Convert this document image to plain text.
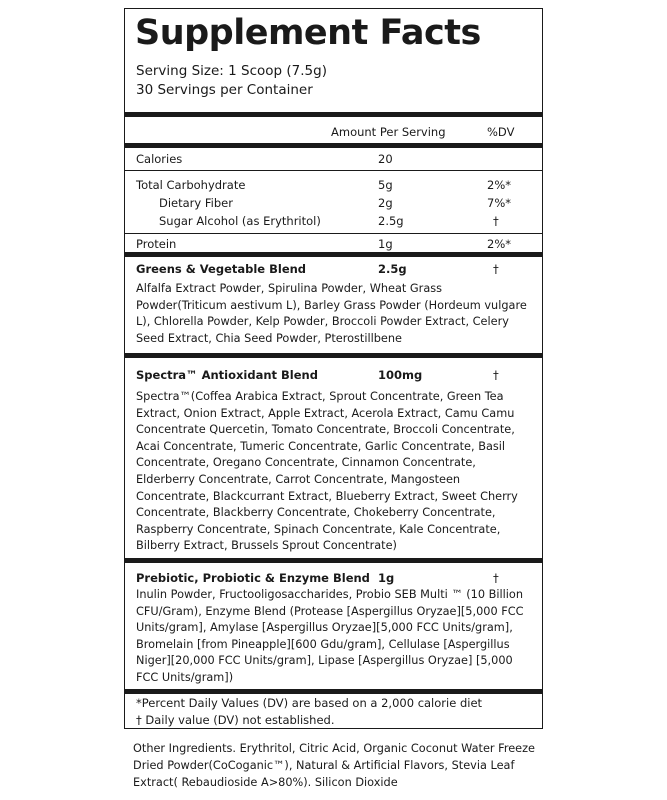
Supplement Facts
Serving Size: 1 Scoop (7.5g)
30 Servings per Container
Amount Per Serving	%DV
Calories	20
Total Carbohydrate	5g	2%*
Dietary Fiber	2g	7%*
Sugar Alcohol (as Erythritol)	2.5g	†
Protein	1g	2%*
Greens & Vegetable Blend	2.5g	†
Alfalfa Extract Powder, Spirulina Powder, Wheat Grass Powder(Triticum aestivum L), Barley Grass Powder (Hordeum vulgare L), Chlorella Powder, Kelp Powder, Broccoli Powder Extract, Celery Seed Extract, Chia Seed Powder, Pterostillbene
Spectra™ Antioxidant Blend	100mg	†
Spectra™(Coffea Arabica Extract, Sprout Concentrate, Green Tea Extract, Onion Extract, Apple Extract, Acerola Extract, Camu Camu Concentrate Quercetin, Tomato Concentrate, Broccoli Concentrate, Acai Concentrate, Tumeric Concentrate, Garlic Concentrate, Basil Concentrate, Oregano Concentrate, Cinnamon Concentrate, Elderberry Concentrate, Carrot Concentrate, Mangosteen Concentrate, Blackcurrant Extract, Blueberry Extract, Sweet Cherry Concentrate, Blackberry Concentrate, Chokeberry Concentrate, Raspberry Concentrate, Spinach Concentrate, Kale Concentrate, Bilberry Extract, Brussels Sprout Concentrate)
Prebiotic, Probiotic & Enzyme Blend 1g	†
Inulin Powder, Fructooligosaccharides, Probio SEB Multi ™ (10 Billion CFU/Gram), Enzyme Blend (Protease [Aspergillus Oryzae][5,000 FCC Units/gram], Amylase [Aspergillus Oryzae][5,000 FCC Units/gram], Bromelain [from Pineapple][600 Gdu/gram], Cellulase [Aspergillus Niger][20,000 FCC Units/gram], Lipase [Aspergillus Oryzae] [5,000 FCC Units/gram])
*Percent Daily Values (DV) are based on a 2,000 calorie diet
† Daily value (DV) not established.
Other Ingredients. Erythritol, Citric Acid, Organic Coconut Water Freeze Dried Powder(CoCoganic™), Natural & Artificial Flavors, Stevia Leaf Extract( Rebaudioside A>80%). Silicon Dioxide
